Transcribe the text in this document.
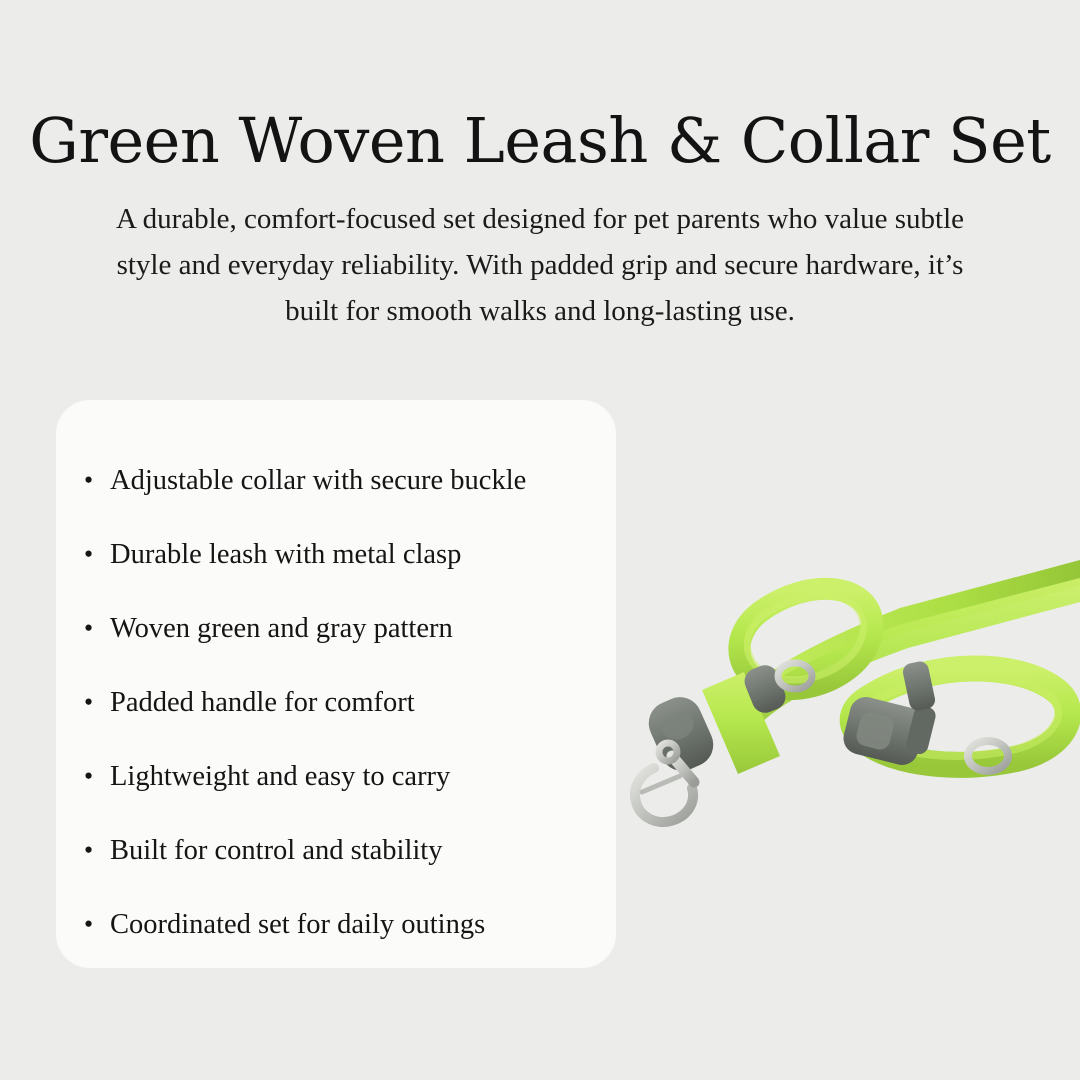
Green Woven Leash & Collar Set

A durable, comfort-focused set designed for pet parents who value subtle style and everyday reliability. With padded grip and secure hardware, it’s built for smooth walks and long-lasting use.

• Adjustable collar with secure buckle
• Durable leash with metal clasp
• Woven green and gray pattern
• Padded handle for comfort
• Lightweight and easy to carry
• Built for control and stability
• Coordinated set for daily outings
